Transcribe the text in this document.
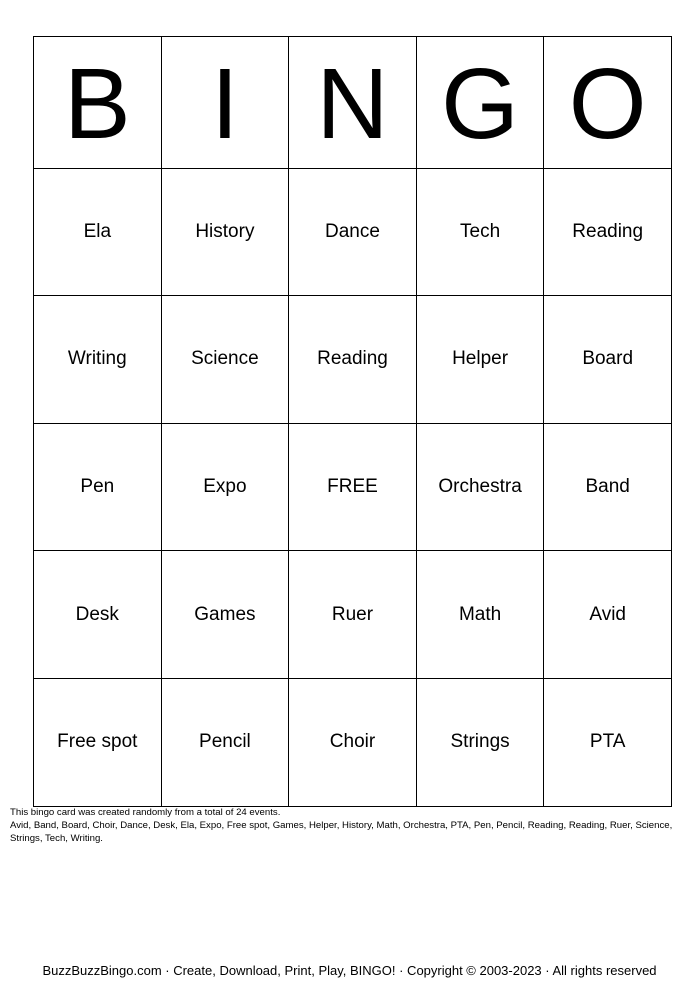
B	I	N	G	O
Ela	History	Dance	Tech	Reading
Writing	Science	Reading	Helper	Board
Pen	Expo	FREE	Orchestra	Band
Desk	Games	Ruer	Math	Avid
Free spot	Pencil	Choir	Strings	PTA

This bingo card was created randomly from a total of 24 events.

Avid, Band, Board, Choir, Dance, Desk, Ela, Expo, Free spot, Games, Helper, History, Math, Orchestra, PTA, Pen, Pencil, Reading, Reading, Ruer, Science, Strings, Tech, Writing.

BuzzBuzzBingo.com · Create, Download, Print, Play, BINGO! · Copyright © 2003-2023 · All rights reserved
